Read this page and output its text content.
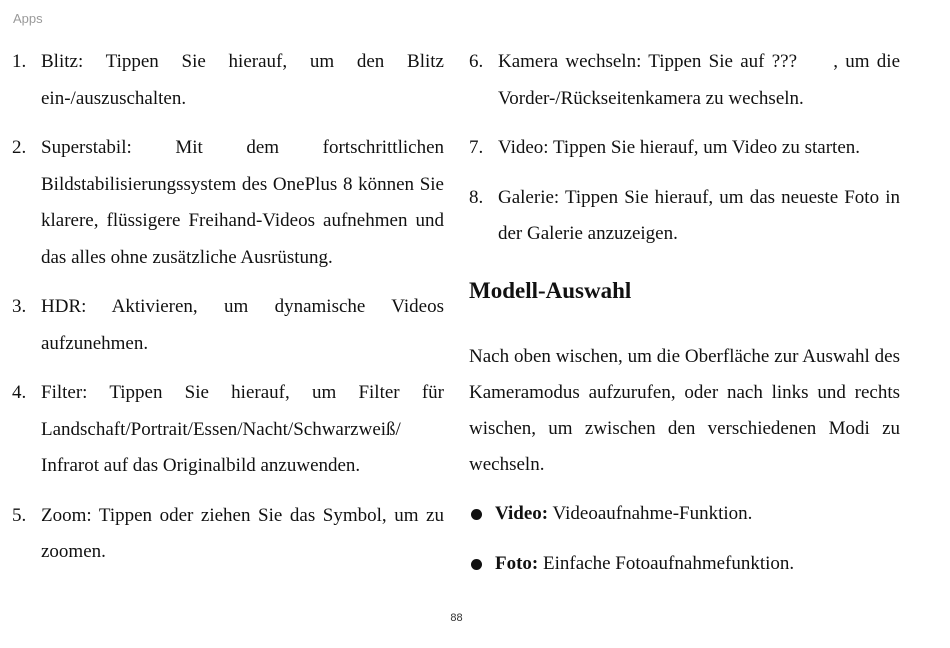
Apps
1. Blitz: Tippen Sie hierauf, um den Blitz ein-/auszuschalten.
2. Superstabil: Mit dem fortschrittlichen Bildstabilisierungssystem des OnePlus 8 können Sie klarere, flüssigere Freihand-Videos aufnehmen und das alles ohne zusätzliche Ausrüstung.
3. HDR: Aktivieren, um dynamische Videos aufzunehmen.
4. Filter: Tippen Sie hierauf, um Filter für Landschaft/Portrait/Essen/Nacht/Schwarzweiß/ Infrarot auf das Originalbild anzuwenden.
5. Zoom: Tippen oder ziehen Sie das Symbol, um zu zoomen.
6. Kamera wechseln: Tippen Sie auf ???     , um die Vorder-/Rückseitenkamera zu wechseln.
7. Video: Tippen Sie hierauf, um Video zu starten.
8. Galerie: Tippen Sie hierauf, um das neueste Foto in der Galerie anzuzeigen.
Modell-Auswahl

Nach oben wischen, um die Oberfläche zur Auswahl des Kameramodus aufzurufen, oder nach links und rechts wischen, um zwischen den verschiedenen Modi zu wechseln.

Video: Videoaufnahme-Funktion.
Foto: Einfache Fotoaufnahmefunktion.
88
